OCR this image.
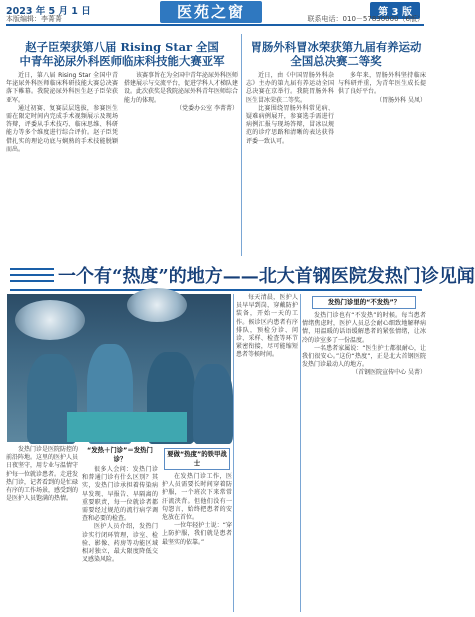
2023 年 5 月 1 日
本版编辑：李菁菁	医苑之窗	第 3 版
联系电话：010－57830000（6版）
赵子臣荣获第八届 Rising Star 全国
中青年泌尿外科医师临床科技能大赛亚军

近日，第八届 Rising Star 全国中青年泌尿外科医师临床科研技能大赛总决赛落下帷幕。我院泌尿外科医生赵子臣荣获亚军。

通过初赛、复赛层层选拔，参赛医生需在限定时间内完成手术视频展示及现场答辩，评委从手术技巧、临床思维、科研能力等多个维度进行综合评价。赵子臣凭借扎实的理论功底与娴熟的手术技能脱颖而出。

该赛事旨在为全国中青年泌尿外科医师搭建展示与交流平台，促进学科人才梯队建设。此次获奖是我院泌尿外科青年医师综合能力的体现。

（党委办公室 李菁菁）
胃肠外科冒冰荣获第九届有养运动
全国总决赛二等奖

近日，由《中国胃肠外科杂志》主办的第九届有养运动全国总决赛在京举行。我院胃肠外科医生冒冰荣获二等奖。

比赛围绕胃肠外科常见病、疑难病例展开，参赛选手需进行病例汇报与现场答辩，冒冰以规范的诊疗思路和清晰的表达获得评委一致认可。

多年来，胃肠外科坚持临床与科研并重，为青年医生成长提供了良好平台。

（胃肠外科 吴凤）
一个有“热度”的地方——北大首钢医院发热门诊见闻

每天清晨，医护人员早早到岗，穿戴防护装备，开始一天的工作。候诊区内患者有序排队，预检分诊、问诊、采样、检查等环节紧密衔接，尽可能缩短患者等候时间。

发热门诊里的“不发热”？

发热门诊也有“不发热”的时候。每当患者情绪焦虑时，医护人员总会耐心细致地解释病情，用温暖的话语缓解患者的紧张情绪，让冰冷的诊室多了一份温度。

一名患者家属说：“医生护士都很耐心，让我们很安心。”这份“热度”，正是北大首钢医院发热门诊最动人的地方。

（首钢医院宣传中心 吴菁）

发热门诊是医院防控的前沿阵地。这里的医护人员日夜坚守，用专业与温情守护每一位就诊患者。走进发热门诊，记者看到的是忙碌有序的工作场景，感受到的是医护人员饱满的热情。

“发热＋门诊”＝发热门诊？

很多人会问：发热门诊和普通门诊有什么区别？其实，发热门诊承担着传染病早发现、早报告、早隔离的重要职责，每一位就诊者都需要经过规范的流行病学调查和必要的检查。

医护人员介绍，发热门诊实行闭环管理，诊室、检验、影像、药房等功能区域相对独立，最大限度降低交叉感染风险。

要做“热度”的铁甲战士

在发热门诊工作，医护人员需要长时间穿着防护服，一个班次下来常常汗流浃背。但他们没有一句怨言，始终把患者的安危放在首位。

一位年轻护士说：“穿上防护服，我们就是患者最坚实的依靠。”
